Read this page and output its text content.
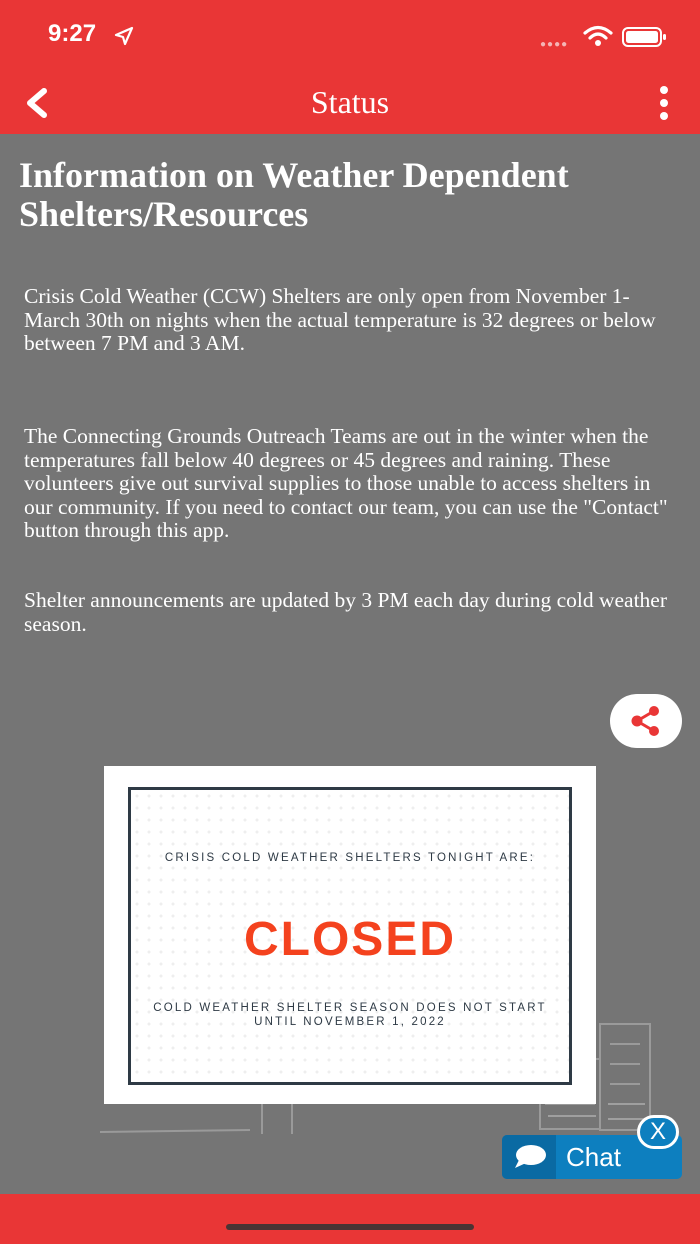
9:27	●●●●
Status
Information on Weather Dependent Shelters/Resources

Crisis Cold Weather (CCW) Shelters are only open from November 1-March 30th on nights when the actual temperature is 32 degrees or below between 7 PM and 3 AM.

The Connecting Grounds Outreach Teams are out in the winter when the temperatures fall below 40 degrees or 45 degrees and raining. These volunteers give out survival supplies to those unable to access shelters in our community. If you need to contact our team, you can use the "Contact" button through this app.

Shelter announcements are updated by 3 PM each day during cold weather season.

CRISIS COLD WEATHER SHELTERS TONIGHT ARE:
CLOSED
COLD WEATHER SHELTER SEASON DOES NOT START UNTIL NOVEMBER 1, 2022
Chat
X
